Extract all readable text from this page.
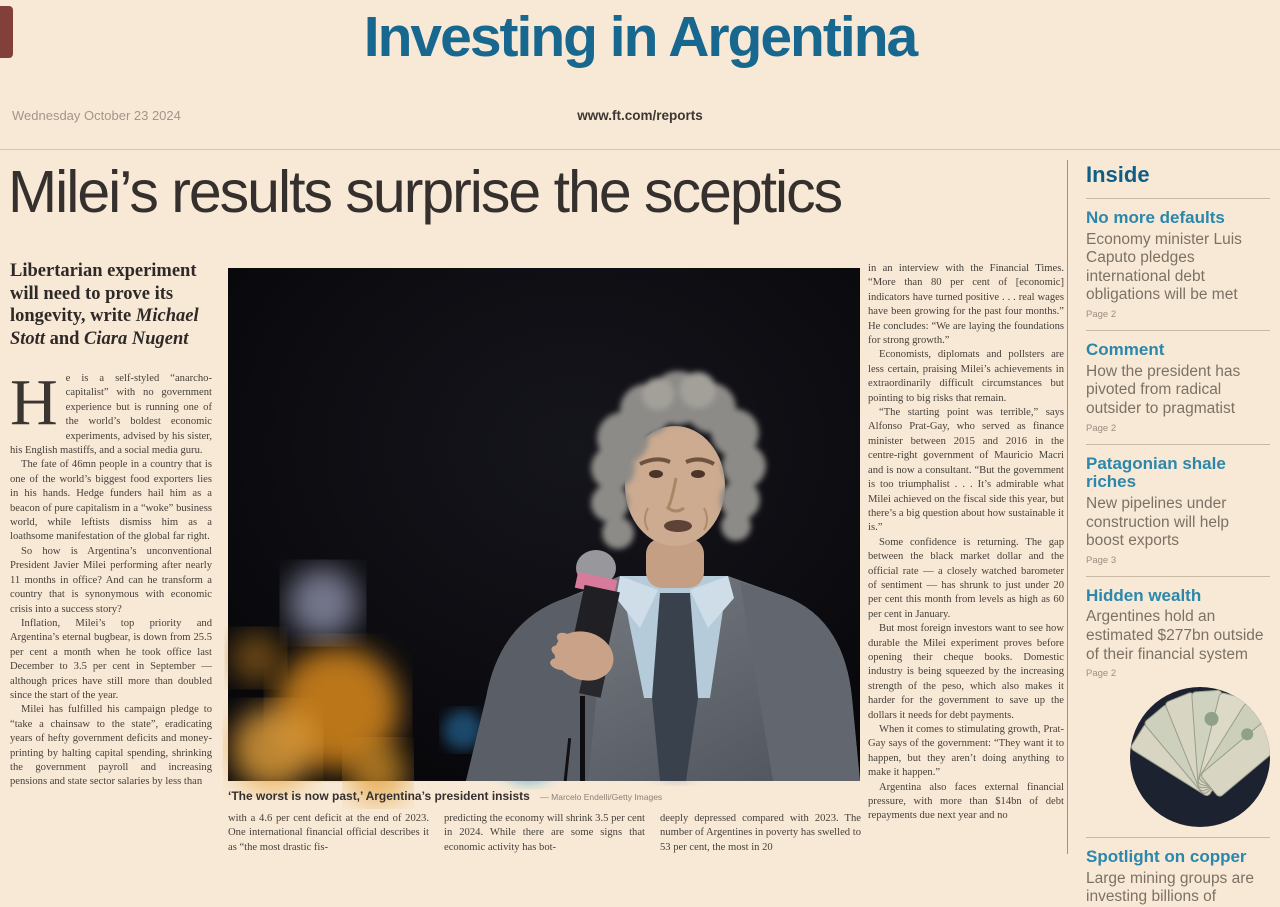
Investing in Argentina
Wednesday October 23 2024	www.ft.com/reports
Milei’s results surprise the sceptics
Libertarian experiment will need to prove its longevity, write Michael Stott and Ciara Nugent

He is a self-styled “anarcho-capitalist” with no government experience but is running one of the world’s boldest economic experiments, advised by his sister, his English mastiffs, and a social media guru.

The fate of 46mn people in a country that is one of the world’s biggest food exporters lies in his hands. Hedge funders hail him as a beacon of pure capitalism in a “woke” business world, while leftists dismiss him as a loathsome manifestation of the global far right.

So how is Argentina’s unconventional President Javier Milei performing after nearly 11 months in office? And can he transform a country that is synonymous with economic crisis into a success story?

Inflation, Milei’s top priority and Argentina’s eternal bugbear, is down from 25.5 per cent a month when he took office last December to 3.5 per cent in September — although prices have still more than doubled since the start of the year.

Milei has fulfilled his campaign pledge to “take a chainsaw to the state”, eradicating years of hefty government deficits and money-printing by halting capital spending, shrinking the government payroll and increasing pensions and state sector salaries by less than

‘The worst is now past,’ Argentina’s president insists — Marcelo Endelli/Getty Images

with a 4.6 per cent deficit at the end of 2023. One international financial official describes it as “the most drastic fis-

predicting the economy will shrink 3.5 per cent in 2024. While there are some signs that economic activity has bot-

deeply depressed compared with 2023. The number of Argentines in poverty has swelled to 53 per cent, the most in 20

in an interview with the Financial Times. “More than 80 per cent of [economic] indicators have turned positive . . . real wages have been growing for the past four months.” He concludes: “We are laying the foundations for strong growth.”

Economists, diplomats and pollsters are less certain, praising Milei’s achievements in extraordinarily difficult circumstances but pointing to big risks that remain.

“The starting point was terrible,” says Alfonso Prat-Gay, who served as finance minister between 2015 and 2016 in the centre-right government of Mauricio Macri and is now a consultant. “But the government is too triumphalist . . . It’s admirable what Milei achieved on the fiscal side this year, but there’s a big question about how sustainable it is.”

Some confidence is returning. The gap between the black market dollar and the official rate — a closely watched barometer of sentiment — has shrunk to just under 20 per cent this month from levels as high as 60 per cent in January.

But most foreign investors want to see how durable the Milei experiment proves before opening their cheque books. Domestic industry is being squeezed by the increasing strength of the peso, which also makes it harder for the government to save up the dollars it needs for debt payments.

When it comes to stimulating growth, Prat-Gay says of the government: “They want it to happen, but they aren’t doing anything to make it happen.”

Argentina also faces external financial pressure, with more than $14bn of debt repayments due next year and no

Inside
No more defaults
Economy minister Luis Caputo pledges international debt obligations will be met
Page 2
Comment
How the president has pivoted from radical outsider to pragmatist
Page 2
Patagonian shale riches
New pipelines under construction will help boost exports
Page 3
Hidden wealth
Argentines hold an estimated $277bn outside of their financial system
Page 2
Spotlight on copper
Large mining groups are investing billions of
